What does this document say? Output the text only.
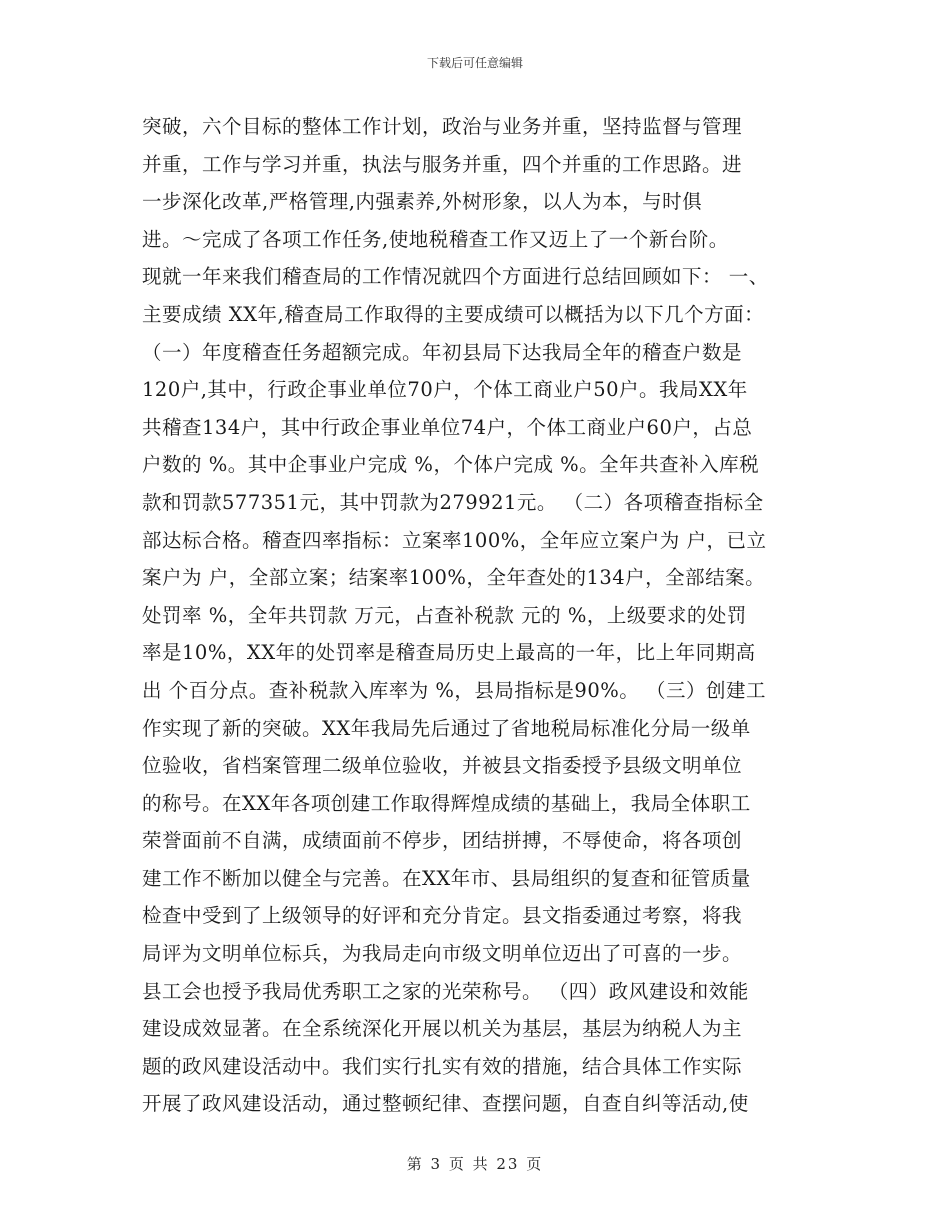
下载后可任意编辑
突破，六个目标的整体工作计划，政治与业务并重，坚持监督与管理
并重，工作与学习并重，执法与服务并重，四个并重的工作思路。进
一步深化改革,严格管理,内强素养,外树形象，以人为本，与时俱
进。～完成了各项工作任务,使地税稽查工作又迈上了一个新台阶。
现就一年来我们稽查局的工作情况就四个方面进行总结回顾如下： 一、
主要成绩 XX年,稽查局工作取得的主要成绩可以概括为以下几个方面：
（一）年度稽查任务超额完成。年初县局下达我局全年的稽查户数是
120户,其中，行政企事业单位70户，个体工商业户50户。我局XX年
共稽查134户，其中行政企事业单位74户，个体工商业户60户，占总
户数的 %。其中企事业户完成 %，个体户完成 %。全年共查补入库税
款和罚款577351元，其中罚款为279921元。 （二）各项稽查指标全
部达标合格。稽查四率指标：立案率100%，全年应立案户为 户，已立
案户为 户，全部立案；结案率100%，全年查处的134户，全部结案。
处罚率 %，全年共罚款 万元，占查补税款 元的 %，上级要求的处罚
率是10%，XX年的处罚率是稽查局历史上最高的一年，比上年同期高
出 个百分点。查补税款入库率为 %，县局指标是90%。 （三）创建工
作实现了新的突破。XX年我局先后通过了省地税局标准化分局一级单
位验收，省档案管理二级单位验收，并被县文指委授予县级文明单位
的称号。在XX年各项创建工作取得辉煌成绩的基础上，我局全体职工
荣誉面前不自满，成绩面前不停步，团结拼搏，不辱使命，将各项创
建工作不断加以健全与完善。在XX年市、县局组织的复查和征管质量
检查中受到了上级领导的好评和充分肯定。县文指委通过考察，将我
局评为文明单位标兵，为我局走向市级文明单位迈出了可喜的一步。
县工会也授予我局优秀职工之家的光荣称号。 （四）政风建设和效能
建设成效显著。在全系统深化开展以机关为基层，基层为纳税人为主
题的政风建设活动中。我们实行扎实有效的措施，结合具体工作实际
开展了政风建设活动，通过整顿纪律、查摆问题，自查自纠等活动,使
第 3 页 共 23 页
